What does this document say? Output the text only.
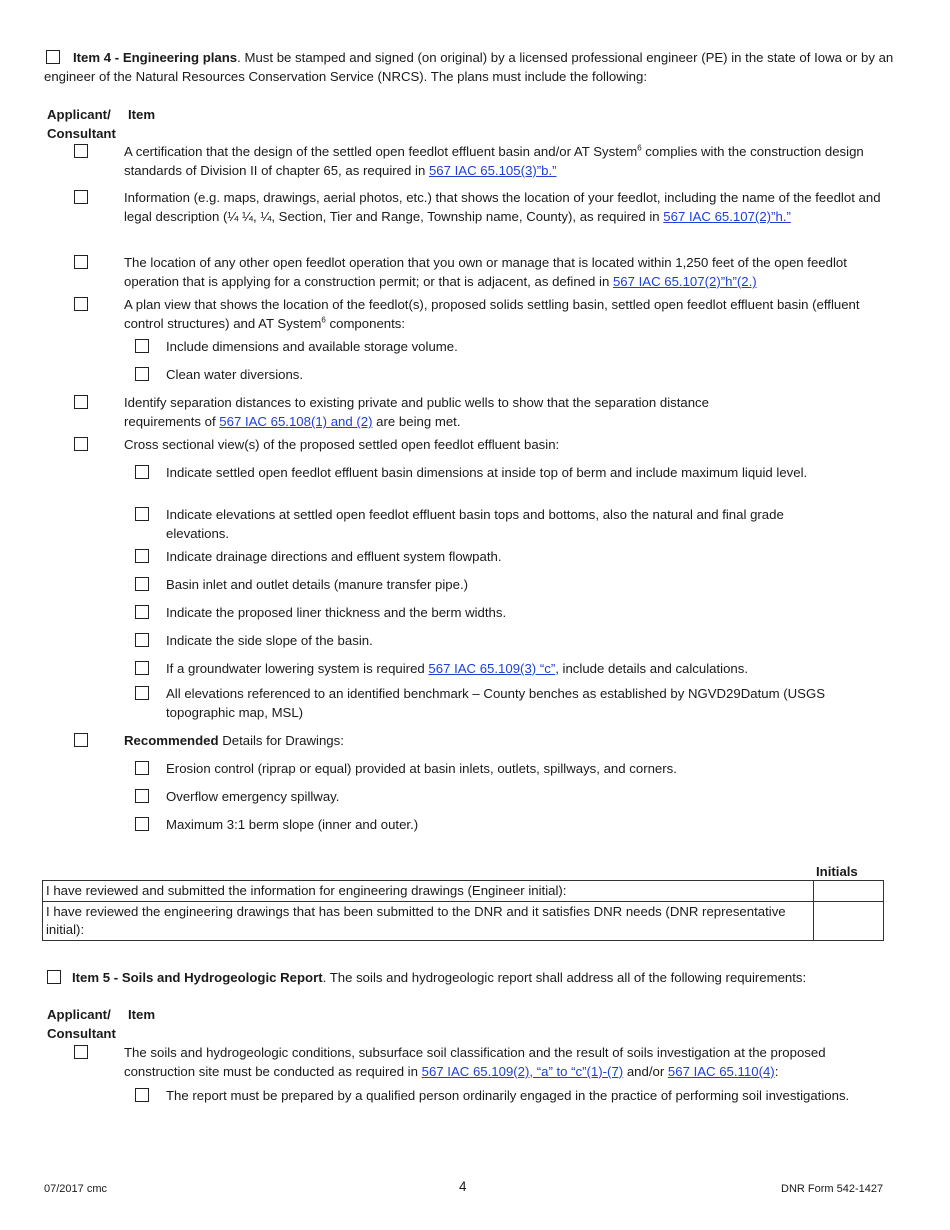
Item 4 - Engineering plans. Must be stamped and signed (on original) by a licensed professional engineer (PE) in the state of Iowa or by an engineer of the Natural Resources Conservation Service (NRCS). The plans must include the following:
Applicant/
Consultant
Item
A certification that the design of the settled open feedlot effluent basin and/or AT System$^6$ complies with the construction design standards of Division II of chapter 65, as required in 567 IAC 65.105(3)”b.”
Information (e.g. maps, drawings, aerial photos, etc.) that shows the location of your feedlot, including the name of the feedlot and legal description (¼ ¼, ¼, Section, Tier and Range, Township name, County), as required in 567 IAC 65.107(2)”h.”
The location of any other open feedlot operation that you own or manage that is located within 1,250 feet of the open feedlot operation that is applying for a construction permit; or that is adjacent, as defined in 567 IAC 65.107(2)”h”(2.)
A plan view that shows the location of the feedlot(s), proposed solids settling basin, settled open feedlot effluent basin (effluent control structures) and AT System$^6$ components:
Include dimensions and available storage volume.
Clean water diversions.
Identify separation distances to existing private and public wells to show that the separation distance requirements of 567 IAC 65.108(1) and (2) are being met.
Cross sectional view(s) of the proposed settled open feedlot effluent basin:
Indicate settled open feedlot effluent basin dimensions at inside top of berm and include maximum liquid level.
Indicate elevations at settled open feedlot effluent basin tops and bottoms, also the natural and final grade elevations.
Indicate drainage directions and effluent system flowpath.
Basin inlet and outlet details (manure transfer pipe.)
Indicate the proposed liner thickness and the berm widths.
Indicate the side slope of the basin.
If a groundwater lowering system is required 567 IAC 65.109(3) “c”, include details and calculations.
All elevations referenced to an identified benchmark – County benches as established by NGVD29Datum (USGS topographic map, MSL)
Recommended Details for Drawings:
Erosion control (riprap or equal) provided at basin inlets, outlets, spillways, and corners.
Overflow emergency spillway.
Maximum 3:1 berm slope (inner and outer.)
Initials
I have reviewed and submitted the information for engineering drawings (Engineer initial):	
I have reviewed the engineering drawings that has been submitted to the DNR and it satisfies DNR needs (DNR representative initial):	
Item 5 - Soils and Hydrogeologic Report. The soils and hydrogeologic report shall address all of the following requirements:
Applicant/
Consultant
Item
The soils and hydrogeologic conditions, subsurface soil classification and the result of soils investigation at the proposed construction site must be conducted as required in 567 IAC 65.109(2), “a” to “c”(1)-(7) and/or 567 IAC 65.110(4):
The report must be prepared by a qualified person ordinarily engaged in the practice of performing soil investigations.
07/2017 cmc	4	DNR Form 542-1427
